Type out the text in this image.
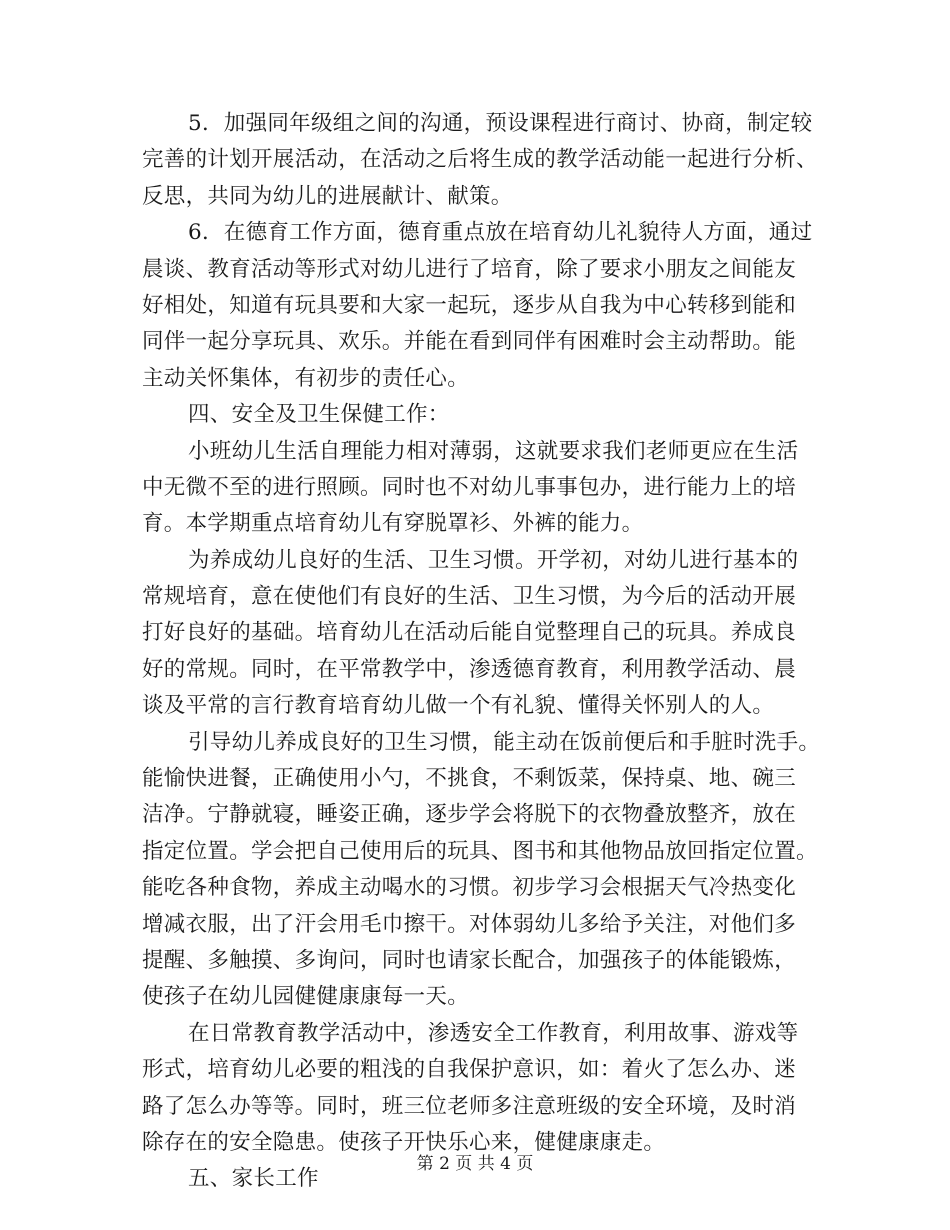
5．加强同年级组之间的沟通，预设课程进行商讨、协商，制定较
完善的计划开展活动，在活动之后将生成的教学活动能一起进行分析、
反思，共同为幼儿的进展献计、献策。
6．在德育工作方面，德育重点放在培育幼儿礼貌待人方面，通过
晨谈、教育活动等形式对幼儿进行了培育，除了要求小朋友之间能友
好相处，知道有玩具要和大家一起玩，逐步从自我为中心转移到能和
同伴一起分享玩具、欢乐。并能在看到同伴有困难时会主动帮助。能
主动关怀集体，有初步的责任心。
四、安全及卫生保健工作：
小班幼儿生活自理能力相对薄弱，这就要求我们老师更应在生活
中无微不至的进行照顾。同时也不对幼儿事事包办，进行能力上的培
育。本学期重点培育幼儿有穿脱罩衫、外裤的能力。
为养成幼儿良好的生活、卫生习惯。开学初，对幼儿进行基本的
常规培育，意在使他们有良好的生活、卫生习惯，为今后的活动开展
打好良好的基础。培育幼儿在活动后能自觉整理自己的玩具。养成良
好的常规。同时，在平常教学中，渗透德育教育，利用教学活动、晨
谈及平常的言行教育培育幼儿做一个有礼貌、懂得关怀别人的人。
引导幼儿养成良好的卫生习惯，能主动在饭前便后和手脏时洗手。
能愉快进餐，正确使用小勺，不挑食，不剩饭菜，保持桌、地、碗三
洁净。宁静就寝，睡姿正确，逐步学会将脱下的衣物叠放整齐，放在
指定位置。学会把自己使用后的玩具、图书和其他物品放回指定位置。
能吃各种食物，养成主动喝水的习惯。初步学习会根据天气冷热变化
增减衣服，出了汗会用毛巾擦干。对体弱幼儿多给予关注，对他们多
提醒、多触摸、多询问，同时也请家长配合，加强孩子的体能锻炼，
使孩子在幼儿园健健康康每一天。
在日常教育教学活动中，渗透安全工作教育，利用故事、游戏等
形式，培育幼儿必要的粗浅的自我保护意识，如：着火了怎么办、迷
路了怎么办等等。同时，班三位老师多注意班级的安全环境，及时消
除存在的安全隐患。使孩子开快乐心来，健健康康走。
五、家长工作
第 2 页 共 4 页
